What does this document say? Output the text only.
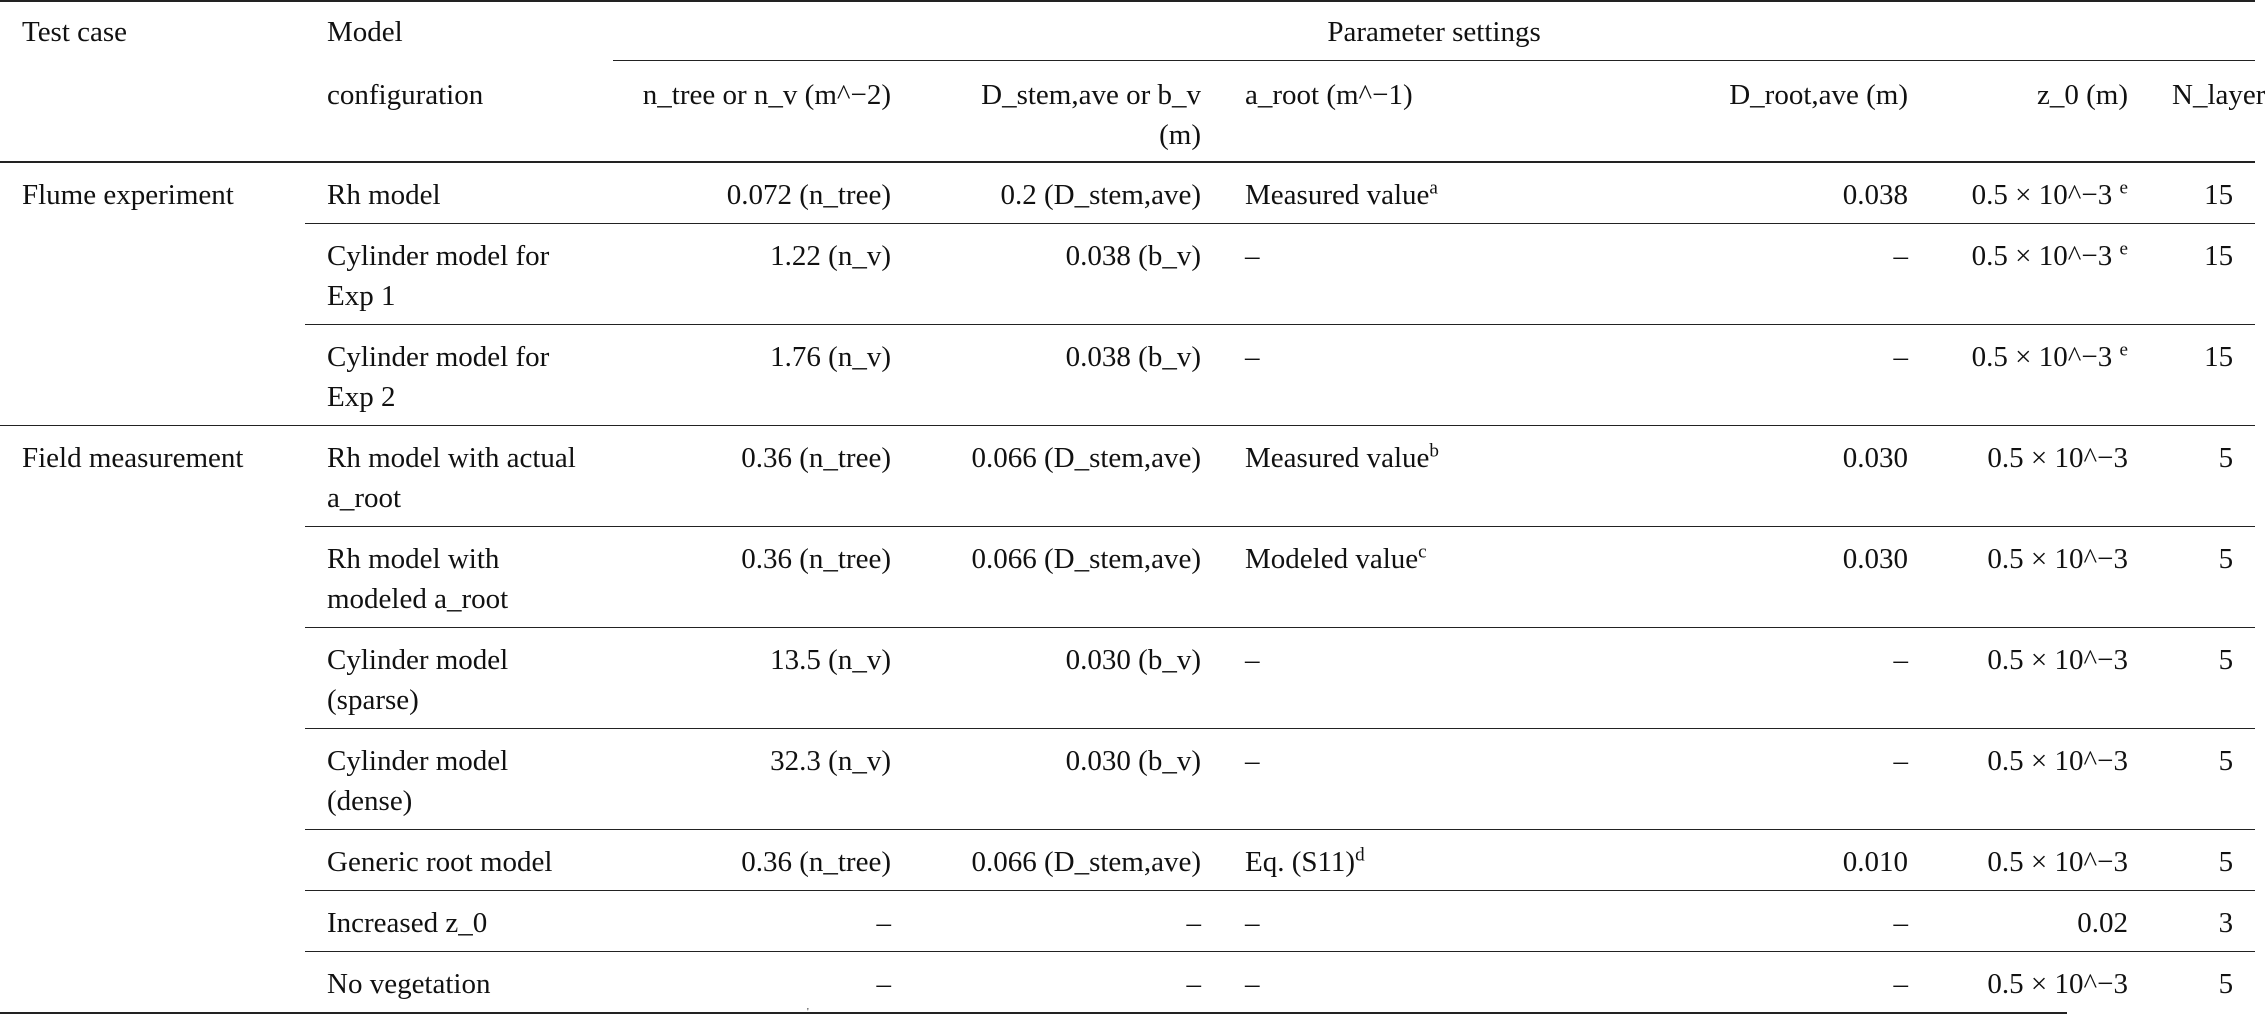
Test case	Model	Parameter settings					
	configuration	n_tree or n_v (m^−2)	D_stem,ave or b_v (m)	a_root (m^−1)	D_root,ave (m)	z_0 (m)	N_layer
Flume experiment	Rh model	0.072 (n_tree)	0.2 (D_stem,ave)	Measured value$^a$	0.038	0.5 × 10^−3 $^e$	15
	Cylinder model for Exp 1	1.22 (n_v)	0.038 (b_v)	–	–	0.5 × 10^−3 $^e$	15
	Cylinder model for Exp 2	1.76 (n_v)	0.038 (b_v)	–	–	0.5 × 10^−3 $^e$	15
Field measurement	Rh model with actual a_root	0.36 (n_tree)	0.066 (D_stem,ave)	Measured value$^b$	0.030	0.5 × 10^−3	5
	Rh model with modeled a_root	0.36 (n_tree)	0.066 (D_stem,ave)	Modeled value$^c$	0.030	0.5 × 10^−3	5
	Cylinder model (sparse)	13.5 (n_v)	0.030 (b_v)	–	–	0.5 × 10^−3	5
	Cylinder model (dense)	32.3 (n_v)	0.030 (b_v)	–	–	0.5 × 10^−3	5
	Generic root model	0.36 (n_tree)	0.066 (D_stem,ave)	Eq. (S11)$^d$	0.010	0.5 × 10^−3	5
	Increased z_0	–	–	–	–	0.02	3
	No vegetation	–	–	–	–	0.5 × 10^−3	5
'
